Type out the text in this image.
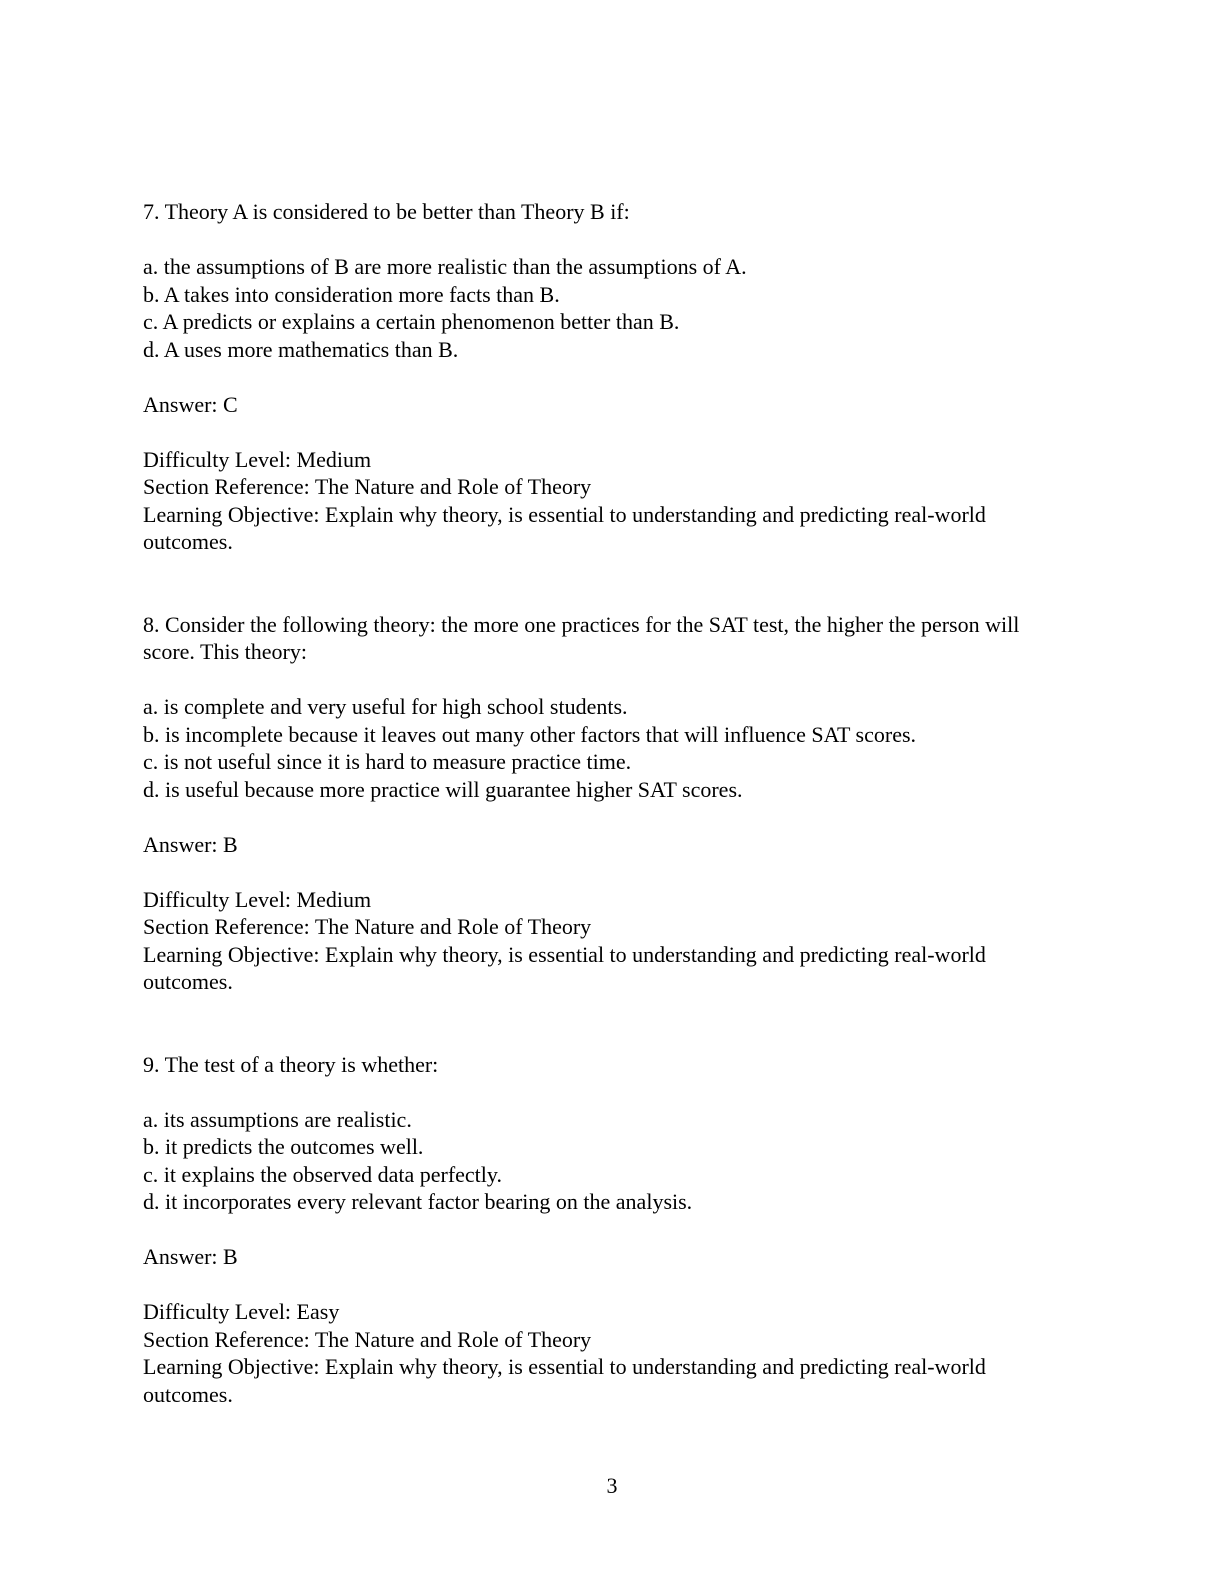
7. Theory A is considered to be better than Theory B if:
a. the assumptions of B are more realistic than the assumptions of A.
b. A takes into consideration more facts than B.
c. A predicts or explains a certain phenomenon better than B.
d. A uses more mathematics than B.
Answer: C
Difficulty Level: Medium
Section Reference: The Nature and Role of Theory
Learning Objective: Explain why theory, is essential to understanding and predicting real-world outcomes.
8. Consider the following theory: the more one practices for the SAT test, the higher the person will score. This theory:
a. is complete and very useful for high school students.
b. is incomplete because it leaves out many other factors that will influence SAT scores.
c. is not useful since it is hard to measure practice time.
d. is useful because more practice will guarantee higher SAT scores.
Answer: B
Difficulty Level: Medium
Section Reference: The Nature and Role of Theory
Learning Objective: Explain why theory, is essential to understanding and predicting real-world outcomes.
9. The test of a theory is whether:
a. its assumptions are realistic.
b. it predicts the outcomes well.
c. it explains the observed data perfectly.
d. it incorporates every relevant factor bearing on the analysis.
Answer: B
Difficulty Level: Easy
Section Reference: The Nature and Role of Theory
Learning Objective: Explain why theory, is essential to understanding and predicting real-world outcomes.
3
